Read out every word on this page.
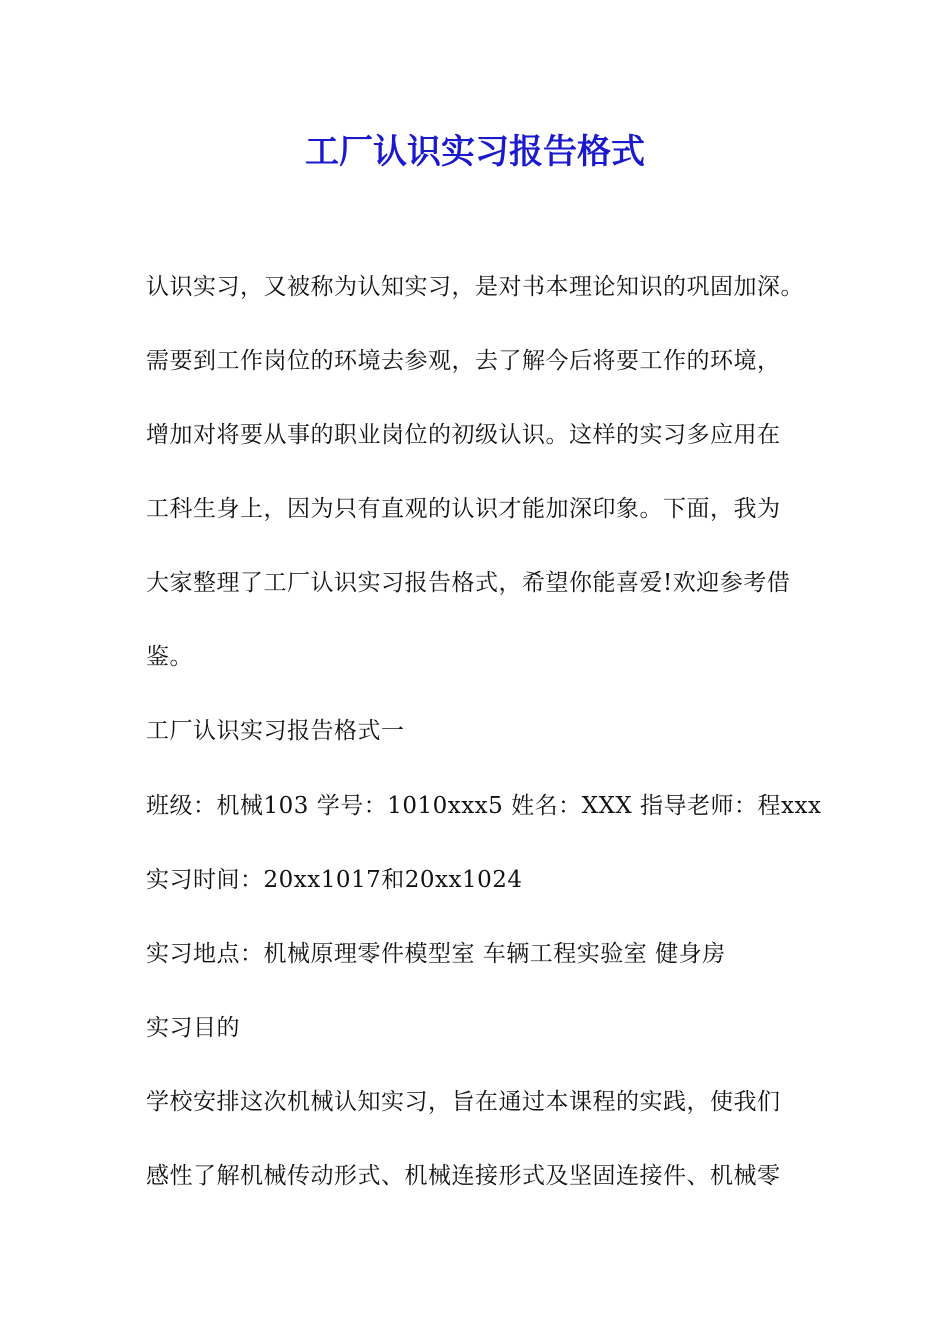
工厂认识实习报告格式

认识实习，又被称为认知实习，是对书本理论知识的巩固加深。

需要到工作岗位的环境去参观，去了解今后将要工作的环境，

增加对将要从事的职业岗位的初级认识。这样的实习多应用在

工科生身上，因为只有直观的认识才能加深印象。下面，我为

大家整理了工厂认识实习报告格式，希望你能喜爱!欢迎参考借

鉴。

工厂认识实习报告格式一

班级：机械103 学号：1010xxx5 姓名：XXX 指导老师：程xxx

实习时间：20xx1017和20xx1024

实习地点：机械原理零件模型室 车辆工程实验室 健身房

实习目的

学校安排这次机械认知实习，旨在通过本课程的实践，使我们

感性了解机械传动形式、机械连接形式及坚固连接件、机械零
